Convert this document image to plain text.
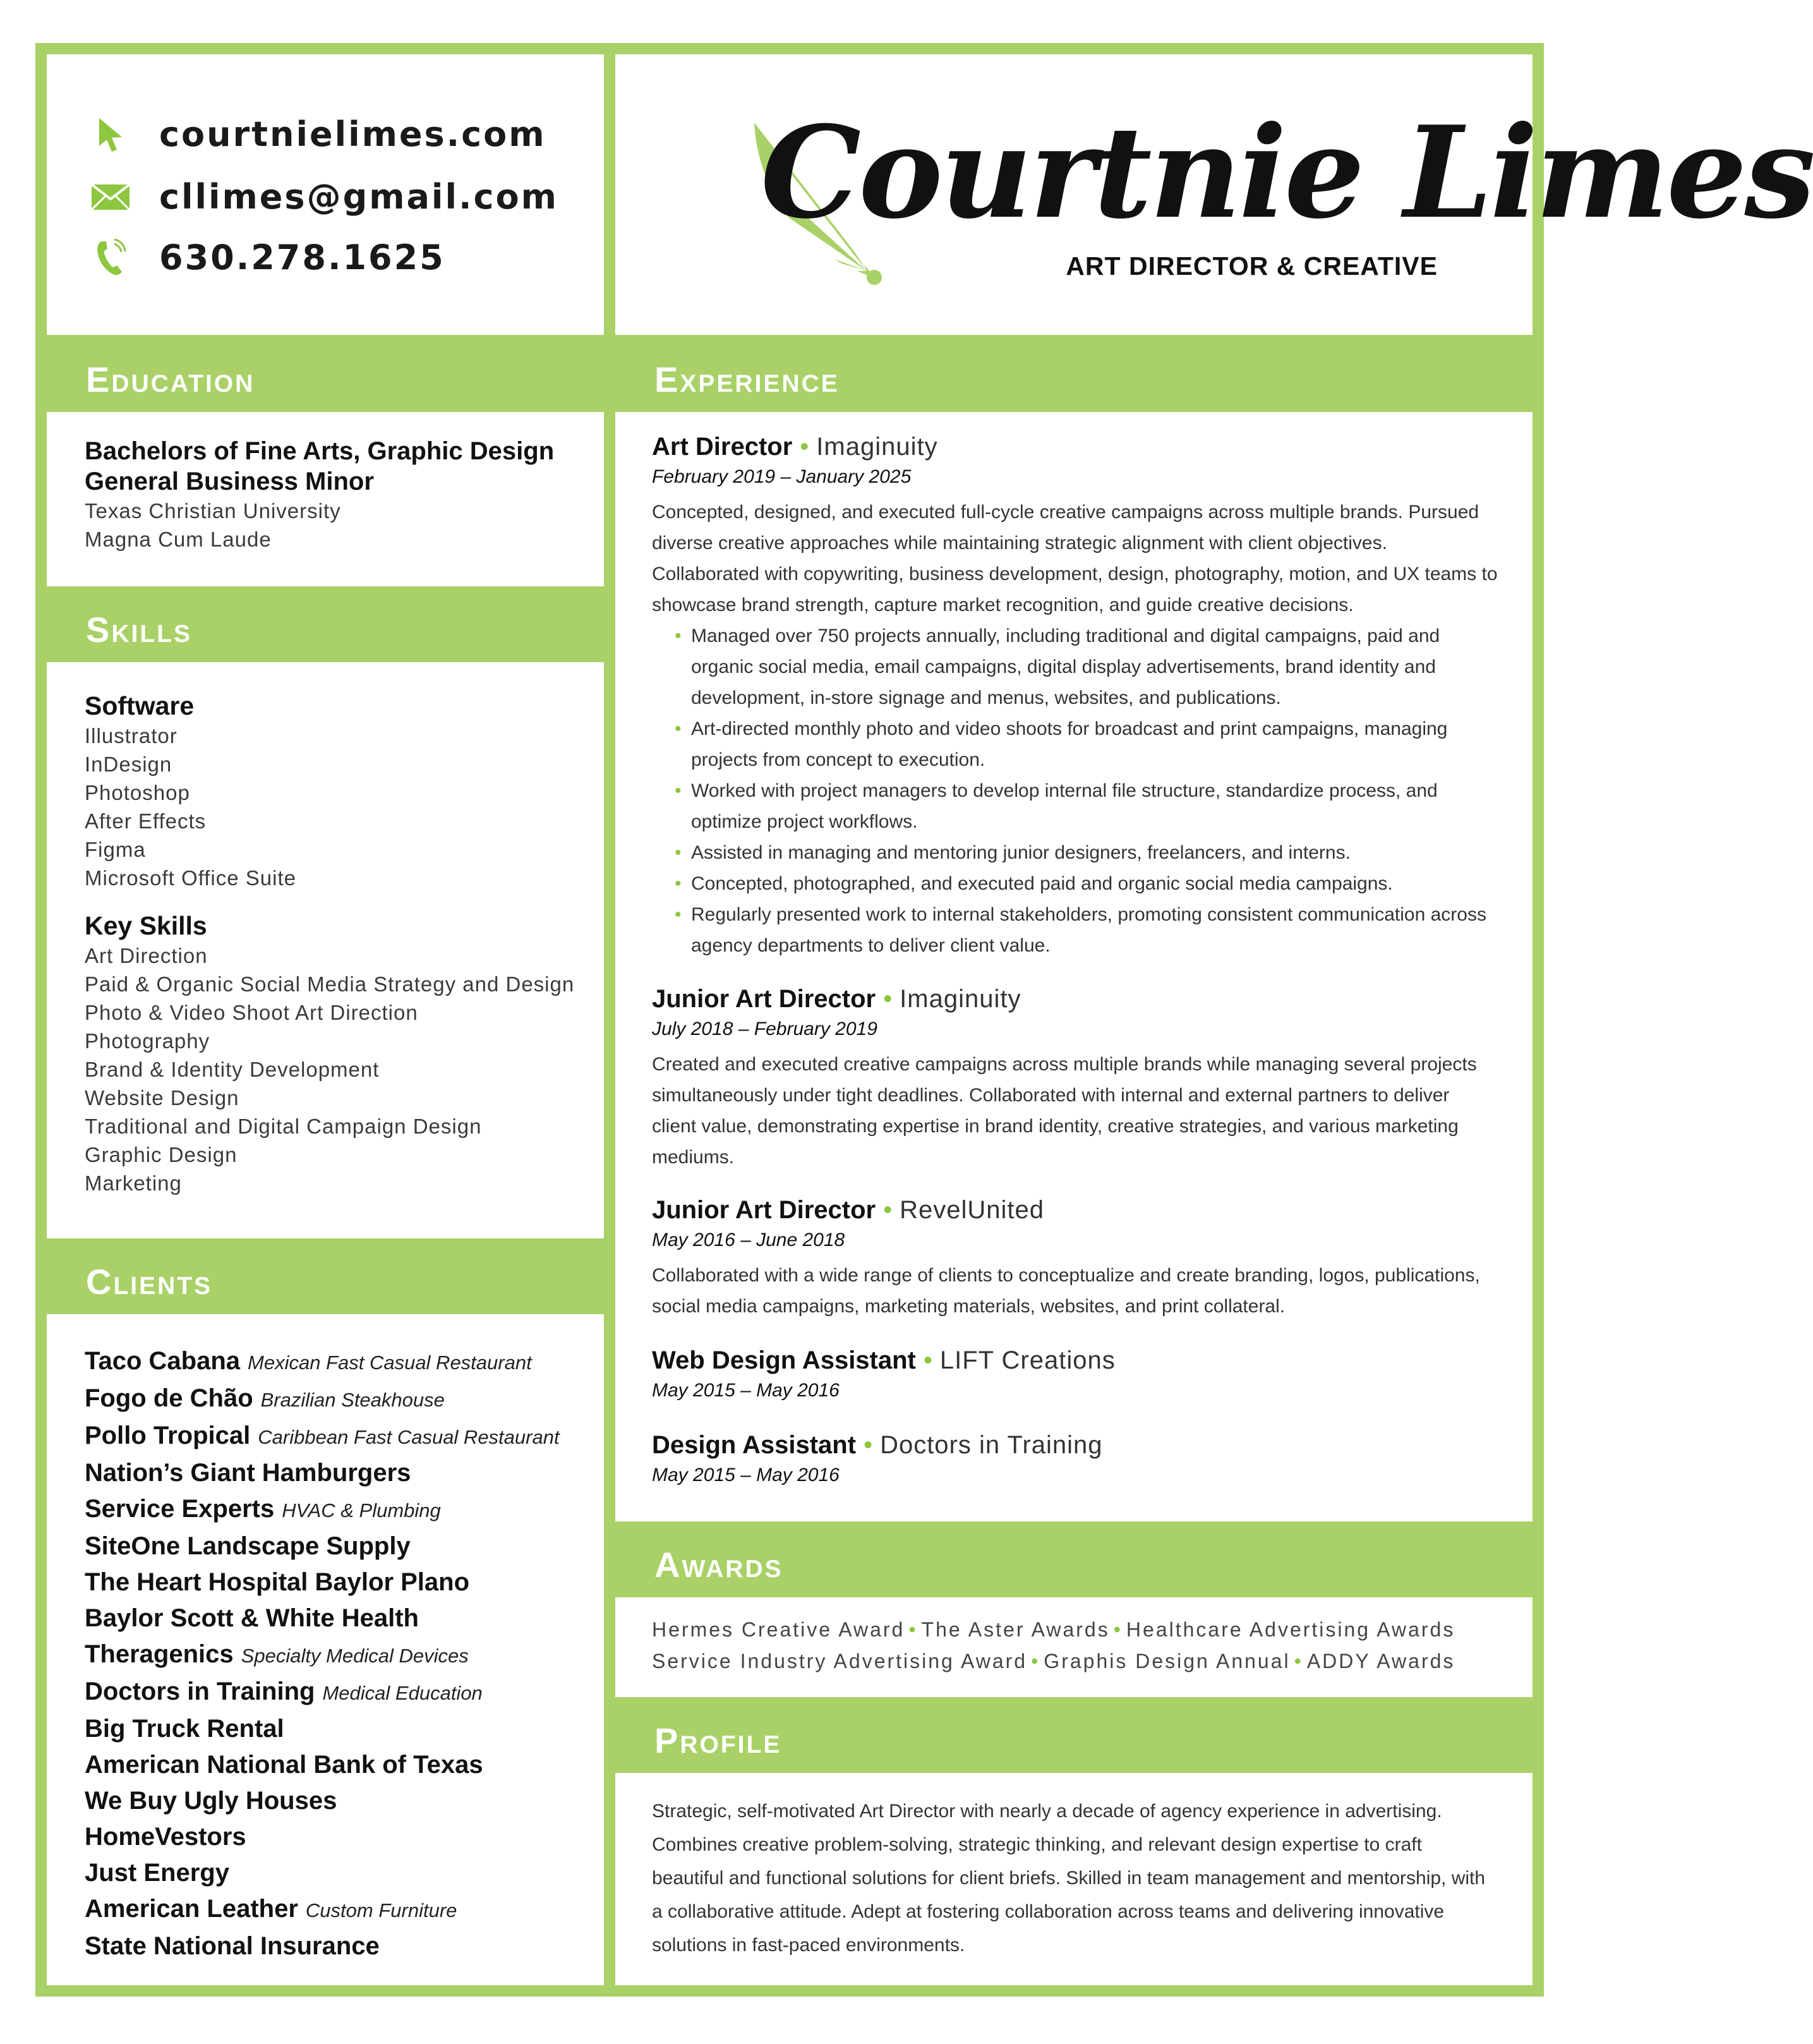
courtnielimes.com
cllimes@gmail.com
630.278.1625
Courtnie Limes
ART DIRECTOR & CREATIVE
Education
Bachelors of Fine Arts, Graphic Design
General Business Minor
Texas Christian University
Magna Cum Laude
Skills
Software
Illustrator
InDesign
Photoshop
After Effects
Figma
Microsoft Office Suite
Key Skills
Art Direction
Paid & Organic Social Media Strategy and Design
Photo & Video Shoot Art Direction
Photography
Brand & Identity Development
Website Design
Traditional and Digital Campaign Design
Graphic Design
Marketing
Clients
Taco Cabana Mexican Fast Casual Restaurant
Fogo de Chão Brazilian Steakhouse
Pollo Tropical Caribbean Fast Casual Restaurant
Nation’s Giant Hamburgers
Service Experts HVAC & Plumbing
SiteOne Landscape Supply
The Heart Hospital Baylor Plano
Baylor Scott & White Health
Theragenics Specialty Medical Devices
Doctors in Training Medical Education
Big Truck Rental
American National Bank of Texas
We Buy Ugly Houses
HomeVestors
Just Energy
American Leather Custom Furniture
State National Insurance
Experience
Art Director • Imaginuity
February 2019 – January 2025
Concepted, designed, and executed full-cycle creative campaigns across multiple brands. Pursued diverse creative approaches while maintaining strategic alignment with client objectives. Collaborated with copywriting, business development, design, photography, motion, and UX teams to showcase brand strength, capture market recognition, and guide creative decisions.
• Managed over 750 projects annually, including traditional and digital campaigns, paid and organic social media, email campaigns, digital display advertisements, brand identity and development, in-store signage and menus, websites, and publications.
• Art-directed monthly photo and video shoots for broadcast and print campaigns, managing projects from concept to execution.
• Worked with project managers to develop internal file structure, standardize process, and optimize project workflows.
• Assisted in managing and mentoring junior designers, freelancers, and interns.
• Concepted, photographed, and executed paid and organic social media campaigns.
• Regularly presented work to internal stakeholders, promoting consistent communication across agency departments to deliver client value.
Junior Art Director • Imaginuity
July 2018 – February 2019
Created and executed creative campaigns across multiple brands while managing several projects simultaneously under tight deadlines. Collaborated with internal and external partners to deliver client value, demonstrating expertise in brand identity, creative strategies, and various marketing mediums.
Junior Art Director • RevelUnited
May 2016 – June 2018
Collaborated with a wide range of clients to conceptualize and create branding, logos, publications, social media campaigns, marketing materials, websites, and print collateral.
Web Design Assistant • LIFT Creations
May 2015 – May 2016
Design Assistant • Doctors in Training
May 2015 – May 2016
Awards
Hermes Creative Award • The Aster Awards • Healthcare Advertising Awards
Service Industry Advertising Award • Graphis Design Annual • ADDY Awards
Profile
Strategic, self-motivated Art Director with nearly a decade of agency experience in advertising. Combines creative problem-solving, strategic thinking, and relevant design expertise to craft beautiful and functional solutions for client briefs. Skilled in team management and mentorship, with a collaborative attitude. Adept at fostering collaboration across teams and delivering innovative solutions in fast-paced environments.
